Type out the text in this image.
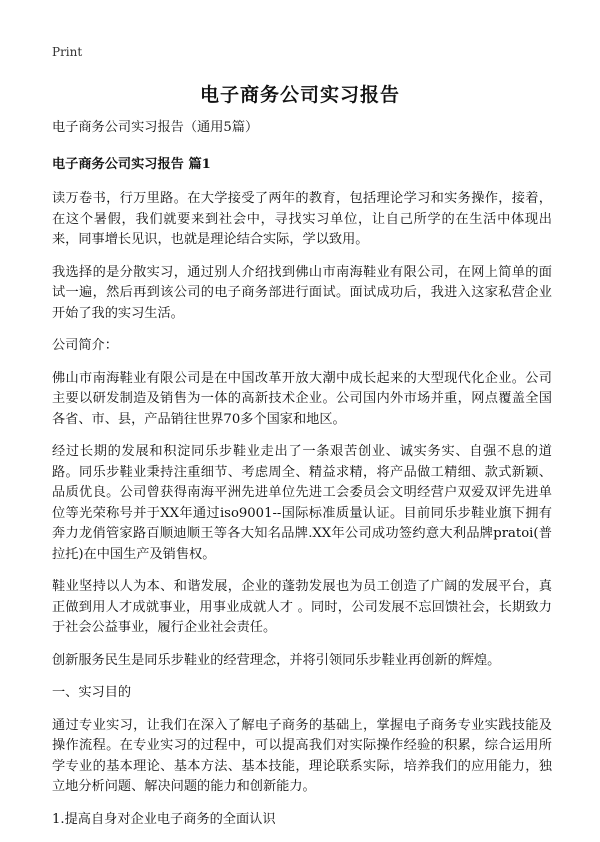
Print
电子商务公司实习报告

电子商务公司实习报告（通用5篇）

电子商务公司实习报告 篇1

读万卷书，行万里路。在大学接受了两年的教育，包括理论学习和实务操作，接着，在这个暑假，我们就要来到社会中，寻找实习单位，让自己所学的在生活中体现出来，同事增长见识，也就是理论结合实际，学以致用。

我选择的是分散实习，通过别人介绍找到佛山市南海鞋业有限公司，在网上简单的面试一遍，然后再到该公司的电子商务部进行面试。面试成功后，我进入这家私营企业开始了我的实习生活。

公司简介：

佛山市南海鞋业有限公司是在中国改革开放大潮中成长起来的大型现代化企业。公司主要以研发制造及销售为一体的高新技术企业。公司国内外市场并重，网点覆盖全国各省、市、县，产品销往世界70多个国家和地区。

经过长期的发展和积淀同乐步鞋业走出了一条艰苦创业、诚实务实、自强不息的道路。同乐步鞋业秉持注重细节、考虑周全、精益求精，将产品做工精细、款式新颖、品质优良。公司曾获得南海平洲先进单位先进工会委员会文明经营户双爱双评先进单位等光荣称号并于XX年通过iso9001--国际标准质量认证。目前同乐步鞋业旗下拥有 奔力龙俏管家路百顺迪顺王等各大知名品牌.XX年公司成功签约意大利品牌pratoi(普拉托)在中国生产及销售权。

鞋业坚持以人为本、和谐发展，企业的蓬勃发展也为员工创造了广阔的发展平台，真正做到用人才成就事业，用事业成就人才 。同时，公司发展不忘回馈社会，长期致力于社会公益事业，履行企业社会责任。

创新服务民生是同乐步鞋业的经营理念，并将引领同乐步鞋业再创新的辉煌。

一、实习目的

通过专业实习，让我们在深入了解电子商务的基础上，掌握电子商务专业实践技能及操作流程。在专业实习的过程中，可以提高我们对实际操作经验的积累，综合运用所学专业的基本理论、基本方法、基本技能，理论联系实际，培养我们的应用能力，独立地分析问题、解决问题的能力和创新能力。

1.提高自身对企业电子商务的全面认识
